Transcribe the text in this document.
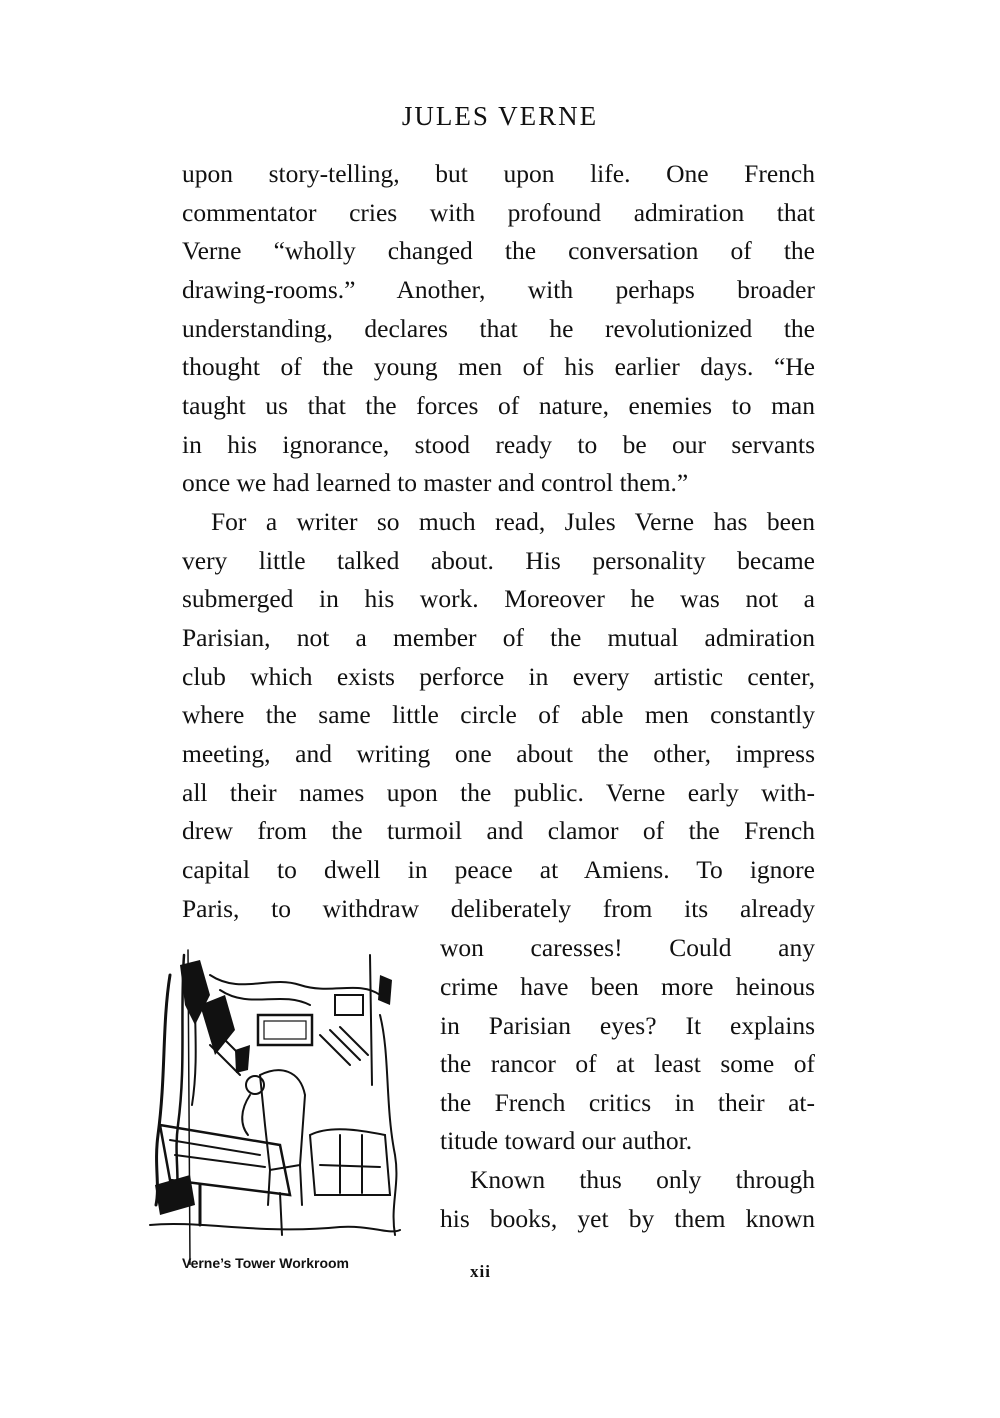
JULES VERNE
upon story-telling, but upon life. One French
commentator cries with profound admiration that
Verne “wholly changed the conversation of the
drawing-rooms.” Another, with perhaps broader
understanding, declares that he revolutionized the
thought of the young men of his earlier days. “He
taught us that the forces of nature, enemies to man
in his ignorance, stood ready to be our servants
once we had learned to master and control them.”
For a writer so much read, Jules Verne has been
very little talked about. His personality became
submerged in his work. Moreover he was not a
Parisian, not a member of the mutual admiration
club which exists perforce in every artistic center,
where the same little circle of able men constantly
meeting, and writing one about the other, impress
all their names upon the public. Verne early with-
drew from the turmoil and clamor of the French
capital to dwell in peace at Amiens. To ignore
Paris, to withdraw deliberately from its already
won caresses! Could any
crime have been more heinous
in Parisian eyes? It explains
the rancor of at least some of
the French critics in their at-
titude toward our author.
Known thus only through
his books, yet by them known
Verne’s Tower Workroom	xii
